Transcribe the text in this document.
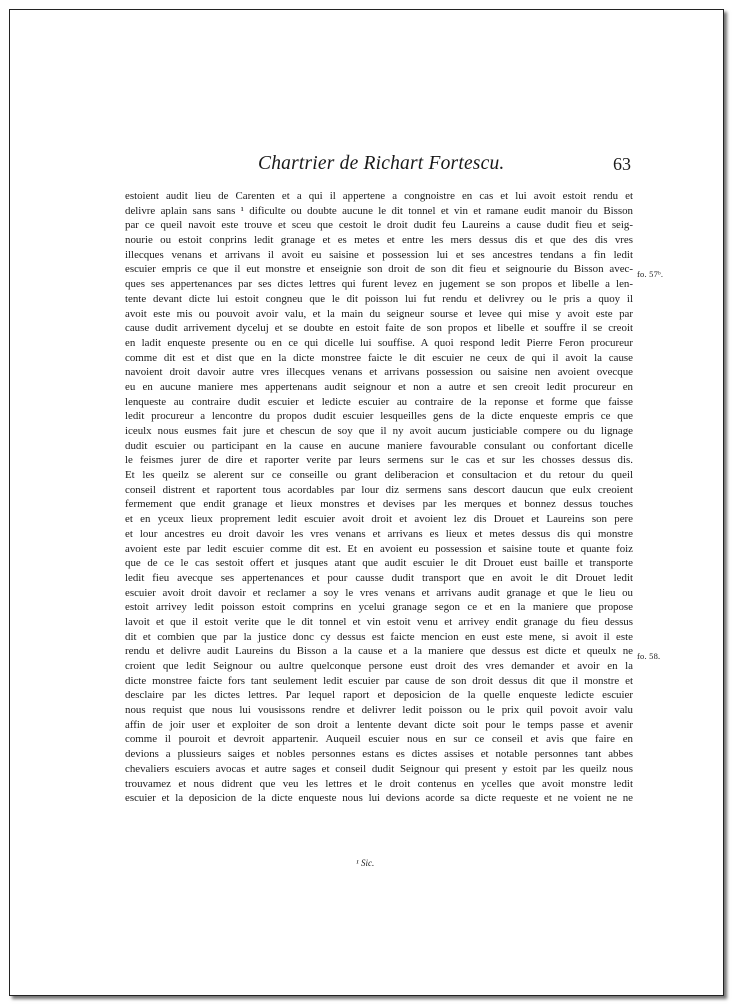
Chartrier de Richart Fortescu.	63
estoient audit lieu de Carenten et a qui il appertene a congnoistre en cas et lui avoit estoit rendu et
delivre aplain sans sans ¹ dificulte ou doubte aucune le dit tonnel et vin et ramane eudit manoir du Bisson
par ce queil navoit este trouve et sceu que cestoit le droit dudit feu Laureins a cause dudit fieu et seig-
nourie ou estoit conprins ledit granage et es metes et entre les mers dessus dis et que des dis vres
illecques venans et arrivans il avoit eu saisine et possession lui et ses ancestres tendans a fin ledit
escuier empris ce que il eut monstre et enseignie son droit de son dit fieu et seignourie du Bisson avec-
ques ses appertenances par ses dictes lettres qui furent levez en jugement se son propos et libelle a len-
tente devant dicte lui estoit congneu que le dit poisson lui fut rendu et delivrey ou le pris a quoy il
avoit este mis ou pouvoit avoir valu, et la main du seigneur sourse et levee qui mise y avoit este par
cause dudit arrivement dyceluj et se doubte en estoit faite de son propos et libelle et souffre il se creoit
en ladit enqueste presente ou en ce qui dicelle lui souffise. A quoi respond ledit Pierre Feron procureur
comme dit est et dist que en la dicte monstree faicte le dit escuier ne ceux de qui il avoit la cause
navoient droit davoir autre vres illecques venans et arrivans possession ou saisine nen avoient ovecque
eu en aucune maniere mes appertenans audit seignour et non a autre et sen creoit ledit procureur en
lenqueste au contraire dudit escuier et ledicte escuier au contraire de la reponse et forme que faisse
ledit procureur a lencontre du propos dudit escuier lesqueilles gens de la dicte enqueste empris ce que
iceulx nous eusmes fait jure et chescun de soy que il ny avoit aucum justiciable compere ou du lignage
dudit escuier ou participant en la cause en aucune maniere favourable consulant ou confortant dicelle
le feismes jurer de dire et raporter verite par leurs sermens sur le cas et sur les chosses dessus dis.
Et les queilz se alerent sur ce conseille ou grant deliberacion et consultacion et du retour du queil
conseil distrent et raportent tous acordables par lour diz sermens sans descort daucun que eulx creoient
fermement que endit granage et lieux monstres et devises par les merques et bonnez dessus touches
et en yceux lieux proprement ledit escuier avoit droit et avoient lez dis Drouet et Laureins son pere
et lour ancestres eu droit davoir les vres venans et arrivans es lieux et metes dessus dis qui monstre
avoient este par ledit escuier comme dit est. Et en avoient eu possession et saisine toute et quante foiz
que de ce le cas sestoit offert et jusques atant que audit escuier le dit Drouet eust baille et transporte
ledit fieu avecque ses appertenances et pour causse dudit transport que en avoit le dit Drouet ledit
escuier avoit droit davoir et reclamer a soy le vres venans et arrivans audit granage et que le lieu ou
estoit arrivey ledit poisson estoit comprins en ycelui granage segon ce et en la maniere que propose
lavoit et que il estoit verite que le dit tonnel et vin estoit venu et arrivey endit granage du fieu dessus
dit et combien que par la justice donc cy dessus est faicte mencion en eust este mene, si avoit il este
rendu et delivre audit Laureins du Bisson a la cause et a la maniere que dessus est dicte et queulx ne
croient que ledit Seignour ou aultre quelconque persone eust droit des vres demander et avoir en la
dicte monstree faicte fors tant seulement ledit escuier par cause de son droit dessus dit que il monstre et
desclaire par les dictes lettres. Par lequel raport et deposicion de la quelle enqueste ledicte escuier
nous requist que nous lui vousissons rendre et delivrer ledit poisson ou le prix quil povoit avoir valu
affin de joir user et exploiter de son droit a lentente devant dicte soit pour le temps passe et avenir
comme il pouroit et devroit appartenir. Auqueil escuier nous en sur ce conseil et avis que faire en
devions a plussieurs saiges et nobles personnes estans es dictes assises et notable personnes tant abbes
chevaliers escuiers avocas et autre sages et conseil dudit Seignour qui present y estoit par les queilz nous
trouvamez et nous didrent que veu les lettres et le droit contenus en ycelles que avoit monstre ledit
escuier et la deposicion de la dicte enqueste nous lui devions acorde sa dicte requeste et ne voient ne ne
fo. 57ᵇ.
fo. 58.
¹ Sic.
